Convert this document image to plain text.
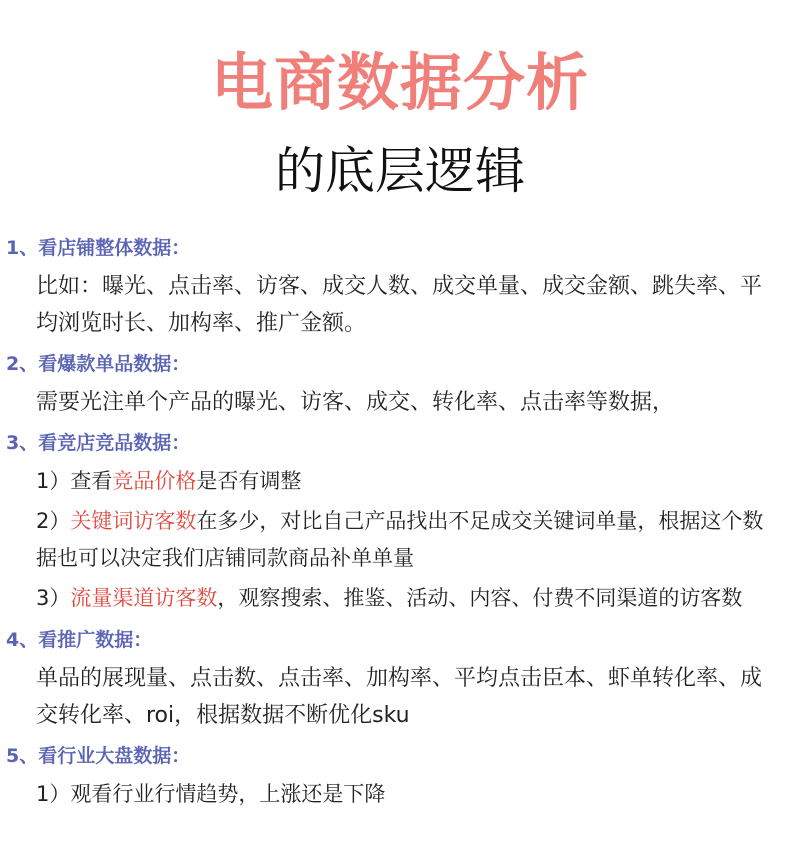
电商数据分析
的底层逻辑
1、看店铺整体数据：
比如：曝光、点击率、访客、成交人数、成交单量、成交金额、跳失率、平均浏览时长、加构率、推广金额。
2、看爆款单品数据：
需要光注单个产品的曝光、访客、成交、转化率、点击率等数据，
3、看竞店竞品数据：
1）查看竞品价格是否有调整
2）关键词访客数在多少，对比自己产品找出不足成交关键词单量，根据这个数据也可以决定我们店铺同款商品补单单量
3）流量渠道访客数，观察搜索、推鉴、活动、内容、付费不同渠道的访客数
4、看推广数据：
单品的展现量、点击数、点击率、加构率、平均点击臣本、虾单转化率、成交转化率、roi，根据数据不断优化sku
5、看行业大盘数据：
1）观看行业行情趋势，上涨还是下降
